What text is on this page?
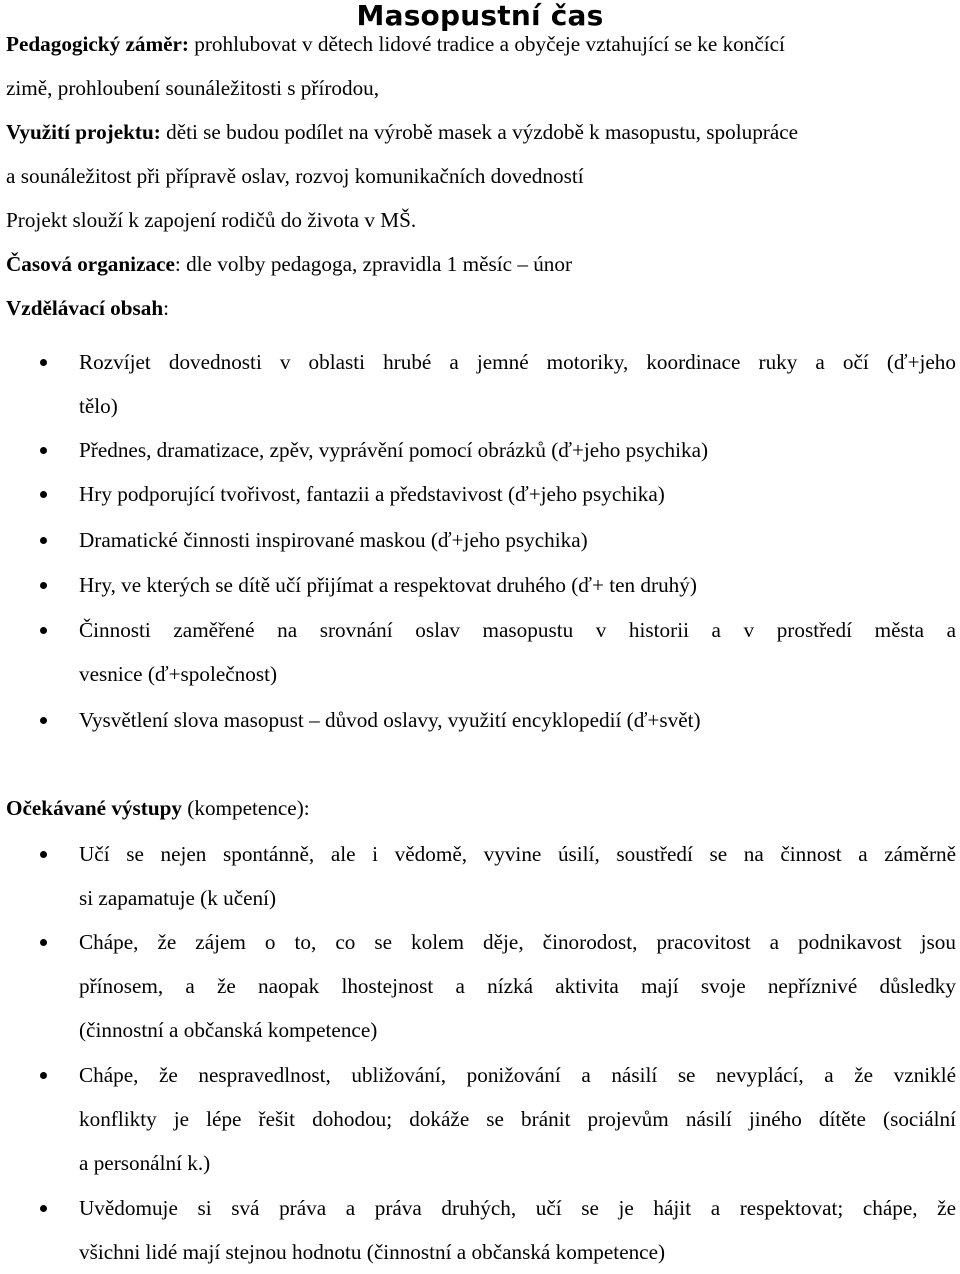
Masopustní čas
Pedagogický záměr: prohlubovat v dětech lidové tradice a obyčeje vztahující se ke končící
zimě, prohloubení sounáležitosti s přírodou,
Využití projektu: děti se budou podílet na výrobě masek a výzdobě k masopustu, spolupráce
a sounáležitost při přípravě oslav, rozvoj komunikačních dovedností
Projekt slouží k zapojení rodičů do života v MŠ.
Časová organizace: dle volby pedagoga, zpravidla 1 měsíc – únor
Vzdělávací obsah:
Rozvíjet dovednosti v oblasti hrubé a jemné motoriky, koordinace ruky a očí (ď+jeho
tělo)
Přednes, dramatizace, zpěv, vyprávění pomocí obrázků (ď+jeho psychika)
Hry podporující tvořivost, fantazii a představivost (ď+jeho psychika)
Dramatické činnosti inspirované maskou (ď+jeho psychika)
Hry, ve kterých se dítě učí přijímat a respektovat druhého (ď+ ten druhý)
Činnosti zaměřené na srovnání oslav masopustu v historii a v prostředí města a
vesnice (ď+společnost)
Vysvětlení slova masopust – důvod oslavy, využití encyklopedií (ď+svět)
Očekávané výstupy (kompetence):
Učí se nejen spontánně, ale i vědomě, vyvine úsilí, soustředí se na činnost a záměrně
si zapamatuje (k učení)
Chápe, že zájem o to, co se kolem děje, činorodost, pracovitost a podnikavost jsou
přínosem, a že naopak lhostejnost a nízká aktivita mají svoje nepříznivé důsledky
(činnostní a občanská kompetence)
Chápe, že nespravedlnost, ubližování, ponižování a násilí se nevyplácí, a že vzniklé
konflikty je lépe řešit dohodou; dokáže se bránit projevům násilí jiného dítěte (sociální
a personální k.)
Uvědomuje si svá práva a práva druhých, učí se je hájit a respektovat; chápe, že
všichni lidé mají stejnou hodnotu (činnostní a občanská kompetence)
